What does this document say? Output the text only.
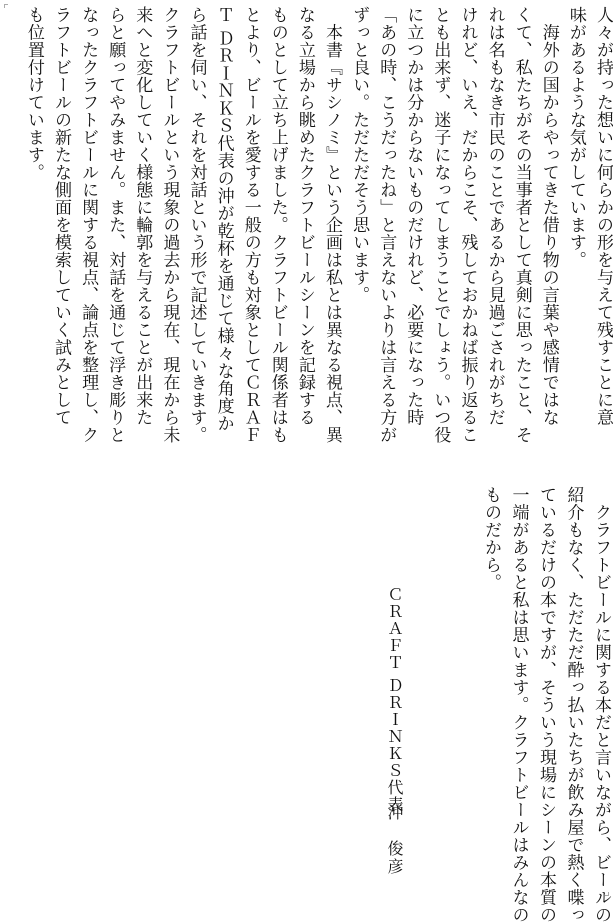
人々が持った想いに何らかの形を与えて残すことに意
味があるような気がしています。
　海外の国からやってきた借り物の言葉や感情ではな
くて、私たちがその当事者として真剣に思ったこと、そ
れは名もなき市民のことであるから見過ごされがちだ
けれど、いえ、だからこそ、残しておかねば振り返るこ
とも出来ず、迷子になってしまうことでしょう。いつ役
に立つかは分からないものだけれど、必要になった時
「あの時、こうだったね」と言えないよりは言える方が
ずっと良い。ただただそう思います。
　本書『サシノミ』という企画は私とは異なる視点、異
なる立場から眺めたクラフトビールシーンを記録する
ものとして立ち上げました。クラフトビール関係者はも
とより、ビールを愛する一般の方も対象としてＣＲＡＦ
Ｔ ＤＲＩＮＫＳ代表の沖が乾杯を通じて様々な角度か
ら話を伺い、それを対話という形で記述していきます。
クラフトビールという現象の過去から現在、現在から未
来へと変化していく様態に輪郭を与えることが出来た
らと願ってやみません。また、対話を通じて浮き彫りと
なったクラフトビールに関する視点、論点を整理し、ク
ラフトビールの新たな側面を模索していく試みとして
も位置付けています。
　クラフトビールに関する本だと言いながら、ビールの
紹介もなく、ただただ酔っ払いたちが飲み屋で熱く喋っ
ているだけの本ですが、そういう現場にシーンの本質の
一端があると私は思います。クラフトビールはみんなの
ものだから。
ＣＲＡＦＴ ＤＲＩＮＫＳ代表
沖　俊彦
